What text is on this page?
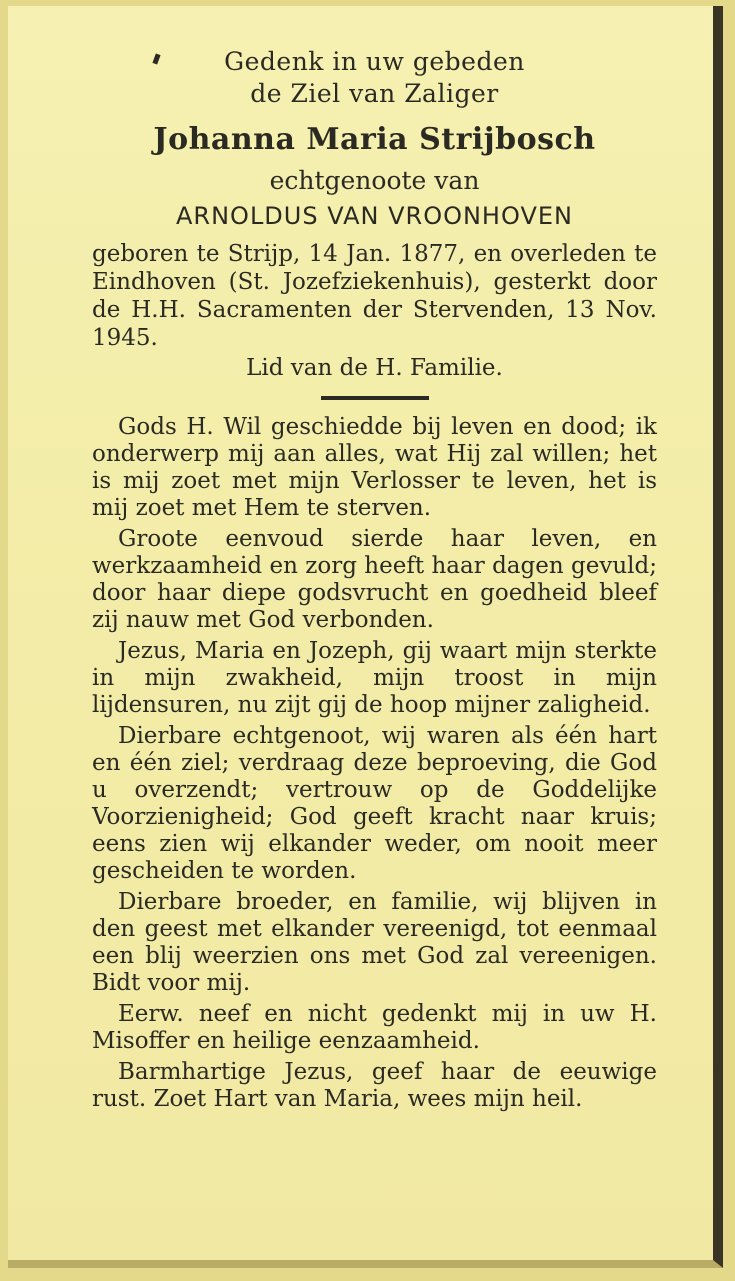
Gedenk in uw gebeden
de Ziel van Zaliger
Johanna Maria Strijbosch
echtgenoote van
ARNOLDUS VAN VROONHOVEN
geboren te Strijp, 14 Jan. 1877, en overleden te Eindhoven (St. Jozefziekenhuis), gesterkt door de H.H. Sacramenten der Stervenden, 13 Nov. 1945.
Lid van de H. Familie.

Gods H. Wil geschiedde bij leven en dood; ik onderwerp mij aan alles, wat Hij zal willen; het is mij zoet met mijn Verlosser te leven, het is mij zoet met Hem te sterven.

Groote eenvoud sierde haar leven, en werkzaamheid en zorg heeft haar dagen gevuld; door haar diepe godsvrucht en goedheid bleef zij nauw met God verbonden.

Jezus, Maria en Jozeph, gij waart mijn sterkte in mijn zwakheid, mijn troost in mijn lijdensuren, nu zijt gij de hoop mijner zaligheid.

Dierbare echtgenoot, wij waren als één hart en één ziel; verdraag deze beproeving, die God u overzendt; vertrouw op de Goddelijke Voorzienigheid; God geeft kracht naar kruis; eens zien wij elkander weder, om nooit meer gescheiden te worden.

Dierbare broeder, en familie, wij blijven in den geest met elkander vereenigd, tot eenmaal een blij weerzien ons met God zal vereenigen. Bidt voor mij.

Eerw. neef en nicht gedenkt mij in uw H. Misoffer en heilige eenzaamheid.

Barmhartige Jezus, geef haar de eeuwige rust. Zoet Hart van Maria, wees mijn heil.
